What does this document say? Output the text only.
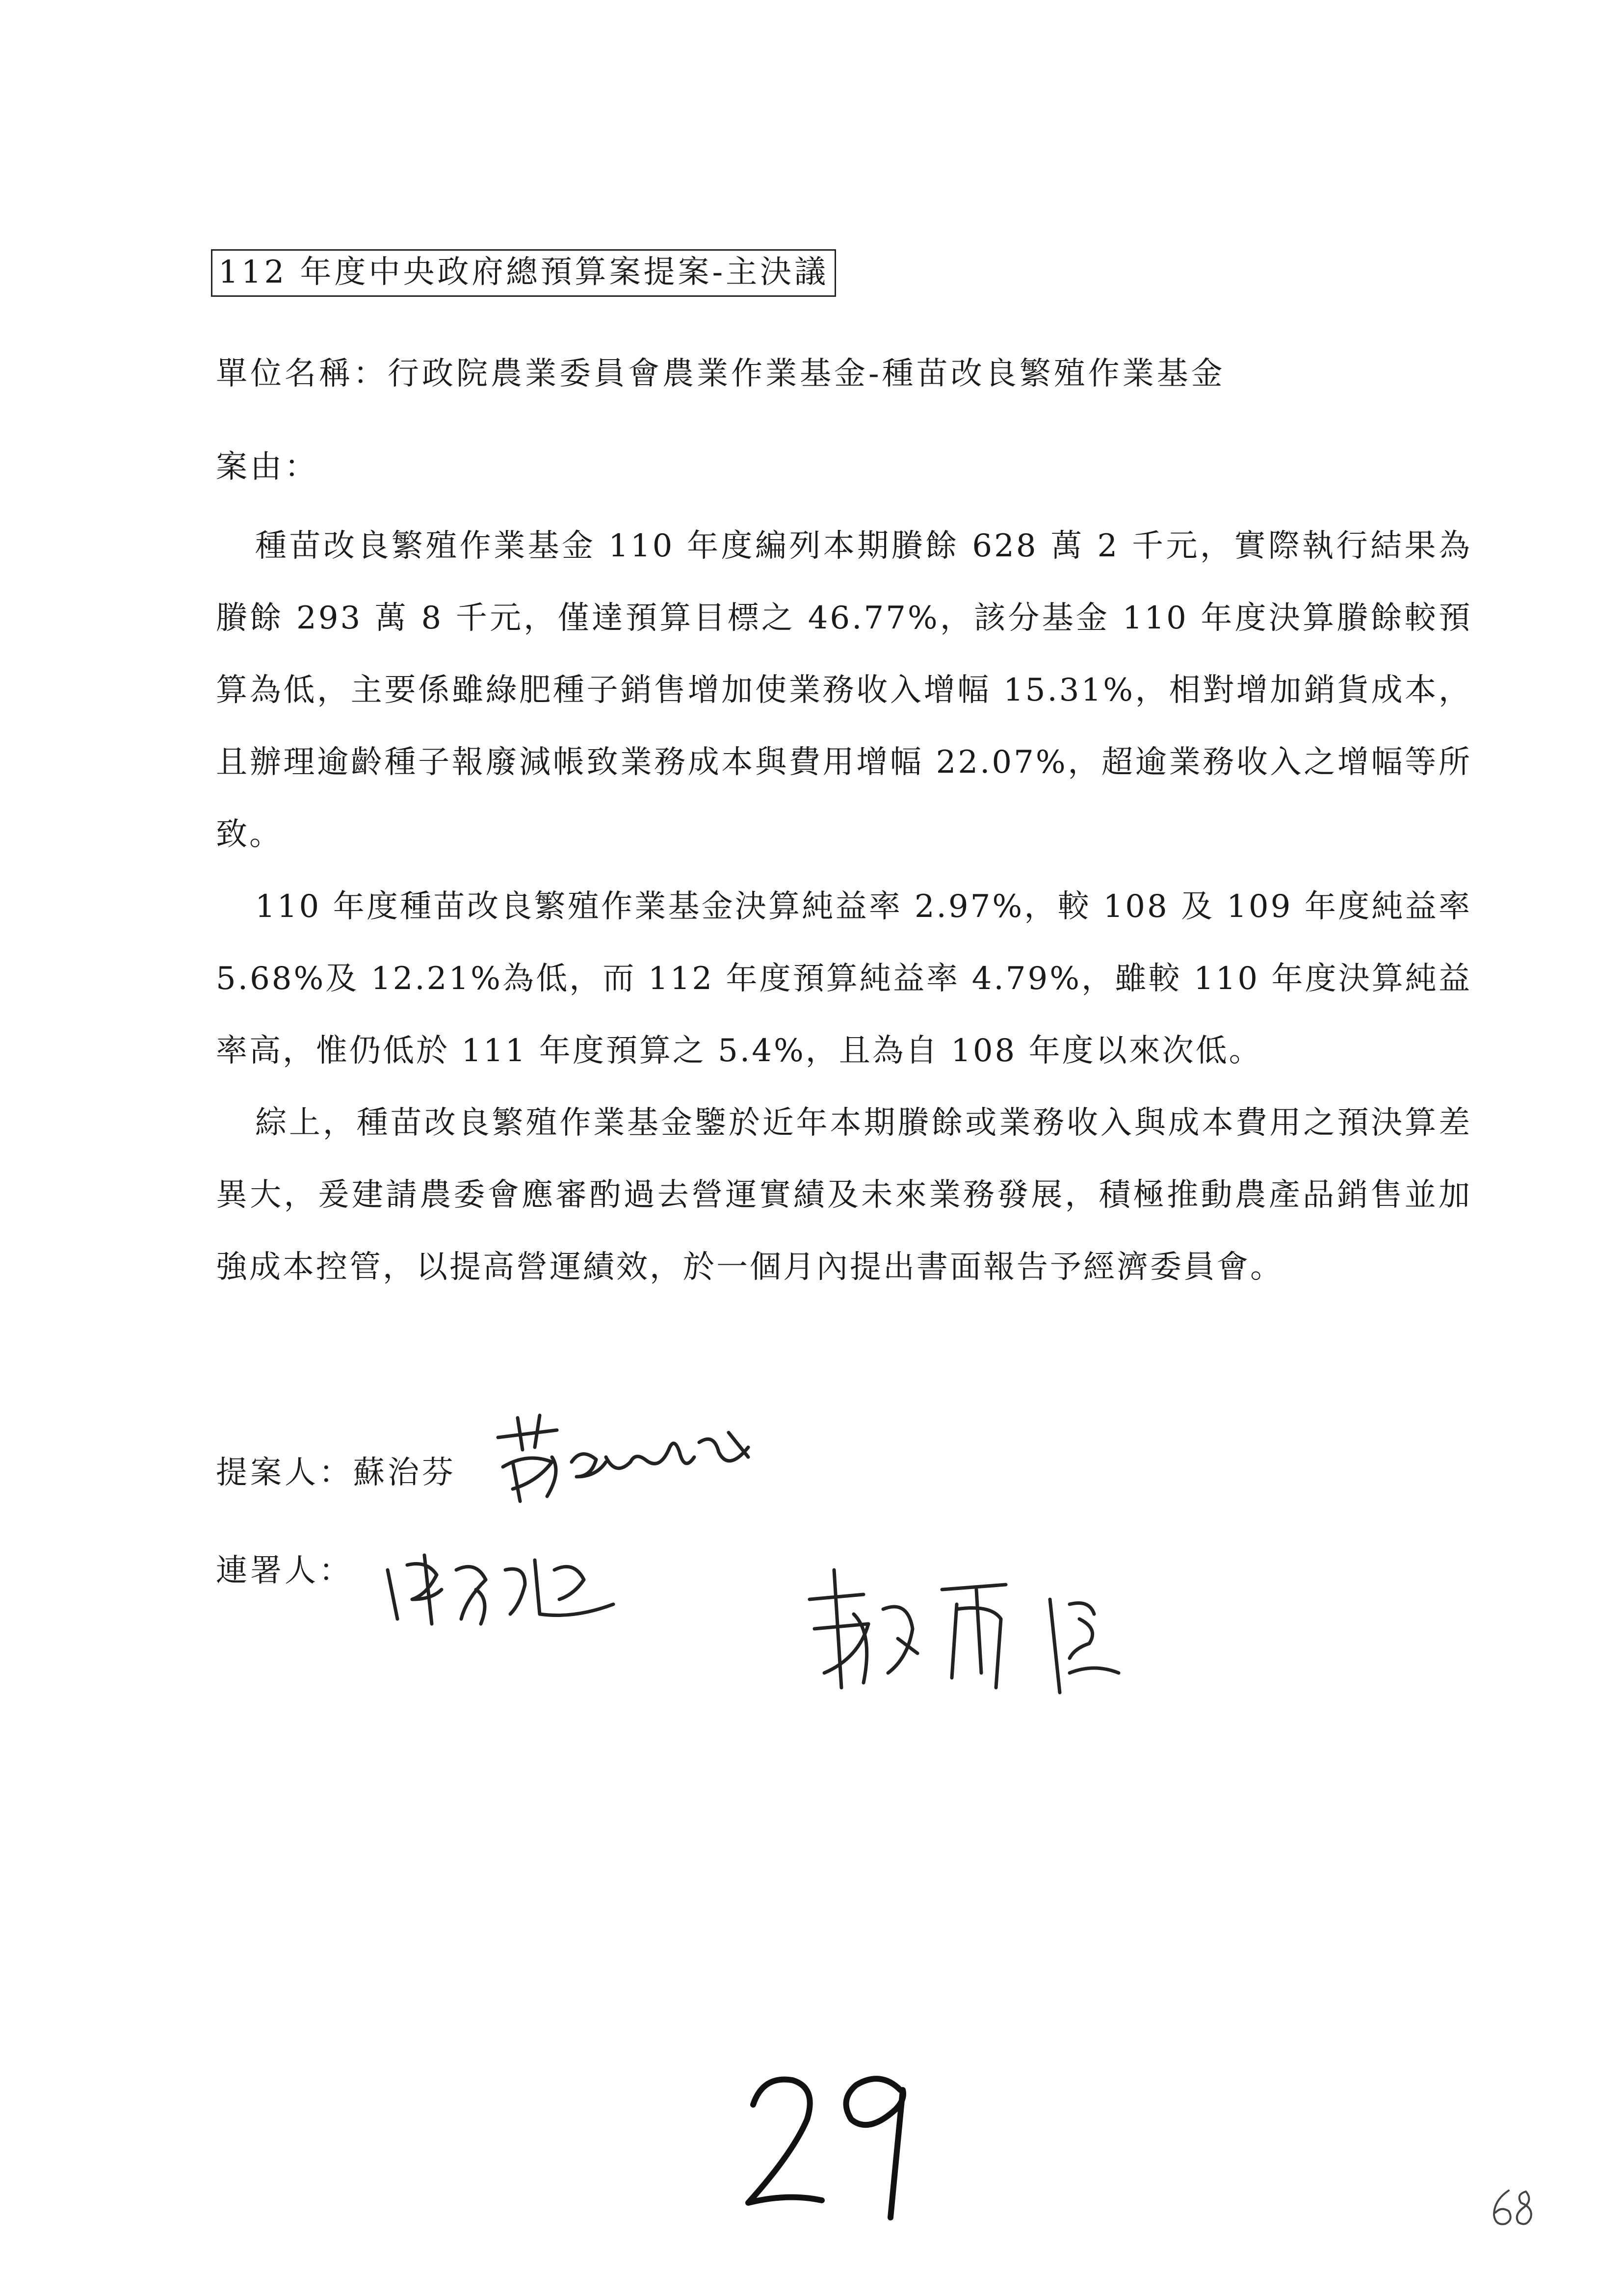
112 年度中央政府總預算案提案-主決議
單位名稱：行政院農業委員會農業作業基金-種苗改良繁殖作業基金
案由：

種苗改良繁殖作業基金 110 年度編列本期賸餘 628 萬 2 千元，實際執行結果為賸餘 293 萬 8 千元，僅達預算目標之 46.77%，該分基金 110 年度決算賸餘較預算為低，主要係雖綠肥種子銷售增加使業務收入增幅 15.31%，相對增加銷貨成本，且辦理逾齡種子報廢減帳致業務成本與費用增幅 22.07%，超逾業務收入之增幅等所致。

110 年度種苗改良繁殖作業基金決算純益率 2.97%，較 108 及 109 年度純益率 5.68%及 12.21%為低，而 112 年度預算純益率 4.79%，雖較 110 年度決算純益率高，惟仍低於 111 年度預算之 5.4%，且為自 108 年度以來次低。

綜上，種苗改良繁殖作業基金鑒於近年本期賸餘或業務收入與成本費用之預決算差異大，爰建請農委會應審酌過去營運實績及未來業務發展，積極推動農產品銷售並加強成本控管，以提高營運績效，於一個月內提出書面報告予經濟委員會。

提案人：蘇治芬
連署人：
29
68
